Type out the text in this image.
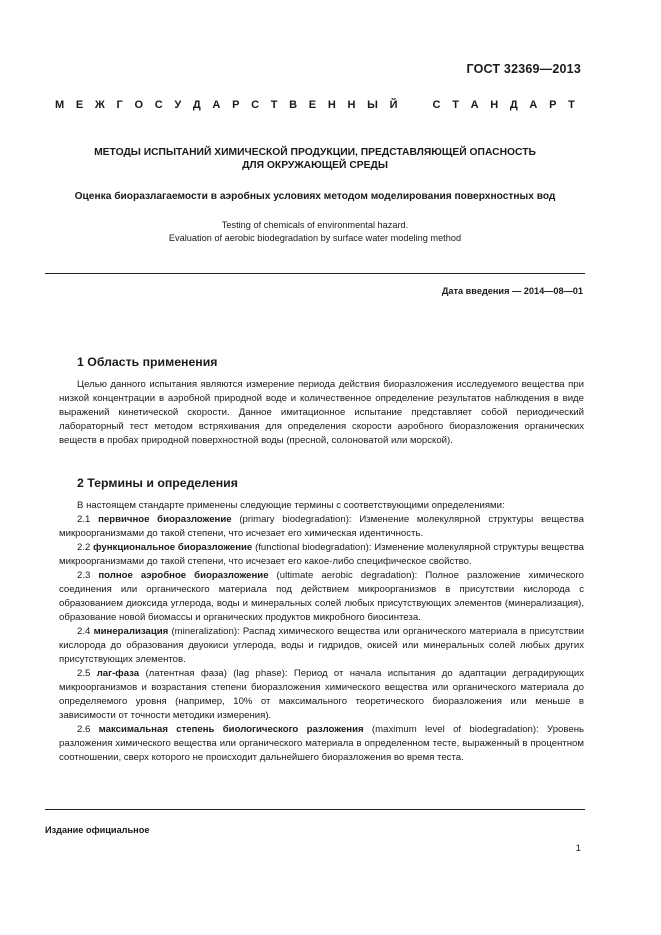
ГОСТ 32369—2013
М Е Ж Г О С У Д А Р С Т В Е Н Н Ы Й	С Т А Н Д А Р Т
МЕТОДЫ ИСПЫТАНИЙ ХИМИЧЕСКОЙ ПРОДУКЦИИ, ПРЕДСТАВЛЯЮЩЕЙ ОПАСНОСТЬ
ДЛЯ ОКРУЖАЮЩЕЙ СРЕДЫ
Оценка биоразлагаемости в аэробных условиях методом моделирования поверхностных вод
Testing of chemicals of environmental hazard.
Evaluation of aerobic biodegradation by surface water modeling method
Дата введения — 2014—08—01
1 Область применения

Целью данного испытания являются измерение периода действия биоразложения исследуемого вещества при низкой концентрации в аэробной природной воде и количественное определение результатов наблюдения в виде выражений кинетической скорости. Данное имитационное испытание представляет собой периодический лабораторный тест методом встряхивания для определения скорости аэробного биоразложения органических веществ в пробах природной поверхностной воды (пресной, солоноватой или морской).

2 Термины и определения

В настоящем стандарте применены следующие термины с соответствующими определениями:

2.1 первичное биоразложение (primary biodegradation): Изменение молекулярной структуры вещества микроорганизмами до такой степени, что исчезает его химическая идентичность.

2.2 функциональное биоразложение (functional biodegradation): Изменение молекулярной структуры вещества микроорганизмами до такой степени, что исчезает его какое-либо специфическое свойство.

2.3 полное аэробное биоразложение (ultimate aerobic degradation): Полное разложение химического соединения или органического материала под действием микроорганизмов в присутствии кислорода с образованием диоксида углерода, воды и минеральных солей любых присутствующих элементов (минерализация), образование новой биомассы и органических продуктов микробного биосинтеза.

2.4 минерализация (mineralization): Распад химического вещества или органического материала в присутствии кислорода до образования двуокиси углерода, воды и гидридов, окисей или минеральных солей любых других присутствующих элементов.

2.5 лаг-фаза (латентная фаза) (lag phase): Период от начала испытания до адаптации деградирующих микроорганизмов и возрастания степени биоразложения химического вещества или органического материала до определяемого уровня (например, 10% от максимального теоретического биоразложения или меньше в зависимости от точности методики измерения).

2.6 максимальная степень биологического разложения (maximum level of biodegradation): Уровень разложения химического вещества или органического материала в определенном тесте, выраженный в процентном соотношении, сверх которого не происходит дальнейшего биоразложения во время теста.

Издание официальное
1
